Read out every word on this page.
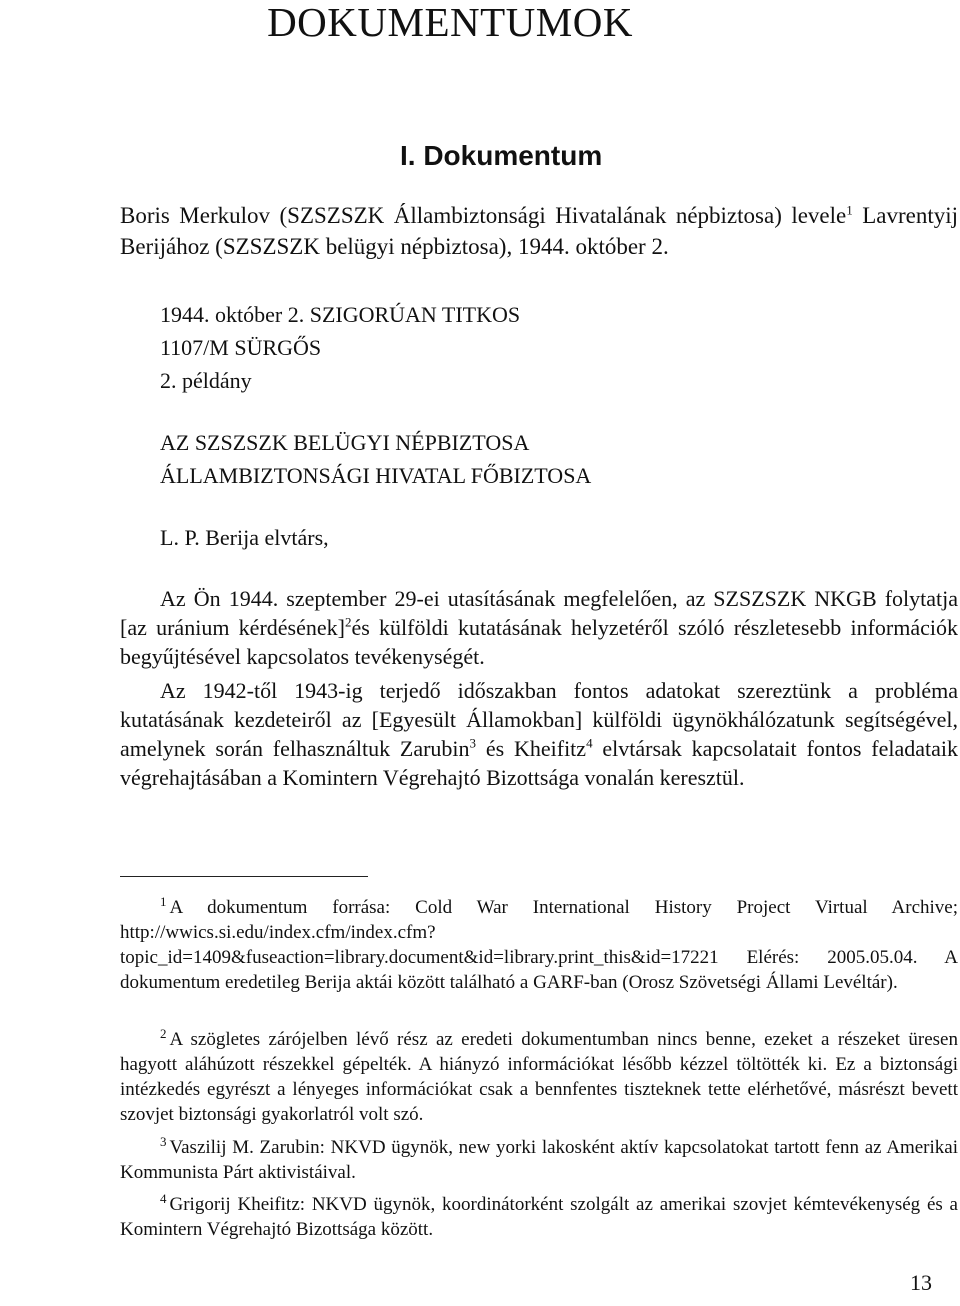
DOKUMENTUMOK
I. Dokumentum
Boris Merkulov (SZSZSZK Állambiztonsági Hivatalának népbiztosa) levele$^1$ Lavrentyij Berijához (SZSZSZK belügyi népbiztosa), 1944. október 2.
1944. október 2. SZIGORÚAN TITKOS
1107/M SÜRGŐS
2. példány
AZ SZSZSZK BELÜGYI NÉPBIZTOSA
ÁLLAMBIZTONSÁGI HIVATAL FŐBIZTOSA
L. P. Berija elvtárs,
Az Ön 1944. szeptember 29-ei utasításának megfelelően, az SZSZSZK NKGB folytatja [az uránium kérdésének]$^2$és külföldi kutatásának helyzetéről szóló részletesebb információk begyűjtésével kapcsolatos tevékenységét.
Az 1942-től 1943-ig terjedő időszakban fontos adatokat szereztünk a probléma kutatásának kezdeteiről az [Egyesült Államokban] külföldi ügynökhálózatunk segítségével, amelynek során felhasználtuk Zarubin$^3$ és Kheifitz$^4$ elvtársak kapcsolatait fontos feladataik végrehajtásában a Komintern Végrehajtó Bizottsága vonalán keresztül.
$^1$ A dokumentum forrása: Cold War International History Project Virtual Archive; http://wwics.si.edu/index.cfm/index.cfm?topic_id=1409&fuseaction=library.document&id=library.print_this&id=17221 Elérés: 2005.05.04. A dokumentum eredetileg Berija aktái között található a GARF-ban (Orosz Szövetségi Állami Levéltár).
$^2$ A szögletes zárójelben lévő rész az eredeti dokumentumban nincs benne, ezeket a részeket üresen hagyott aláhúzott részekkel gépelték. A hiányzó információkat lésőbb kézzel töltötték ki. Ez a biztonsági intézkedés egyrészt a lényeges információkat csak a bennfentes tiszteknek tette elérhetővé, másrészt bevett szovjet biztonsági gyakorlatról volt szó.
$^3$ Vaszilij M. Zarubin: NKVD ügynök, new yorki lakosként aktív kapcsolatokat tartott fenn az Amerikai Kommunista Párt aktivistáival.
$^4$ Grigorij Kheifitz: NKVD ügynök, koordinátorként szolgált az amerikai szovjet kémtevékenység és a Komintern Végrehajtó Bizottsága között.
13
